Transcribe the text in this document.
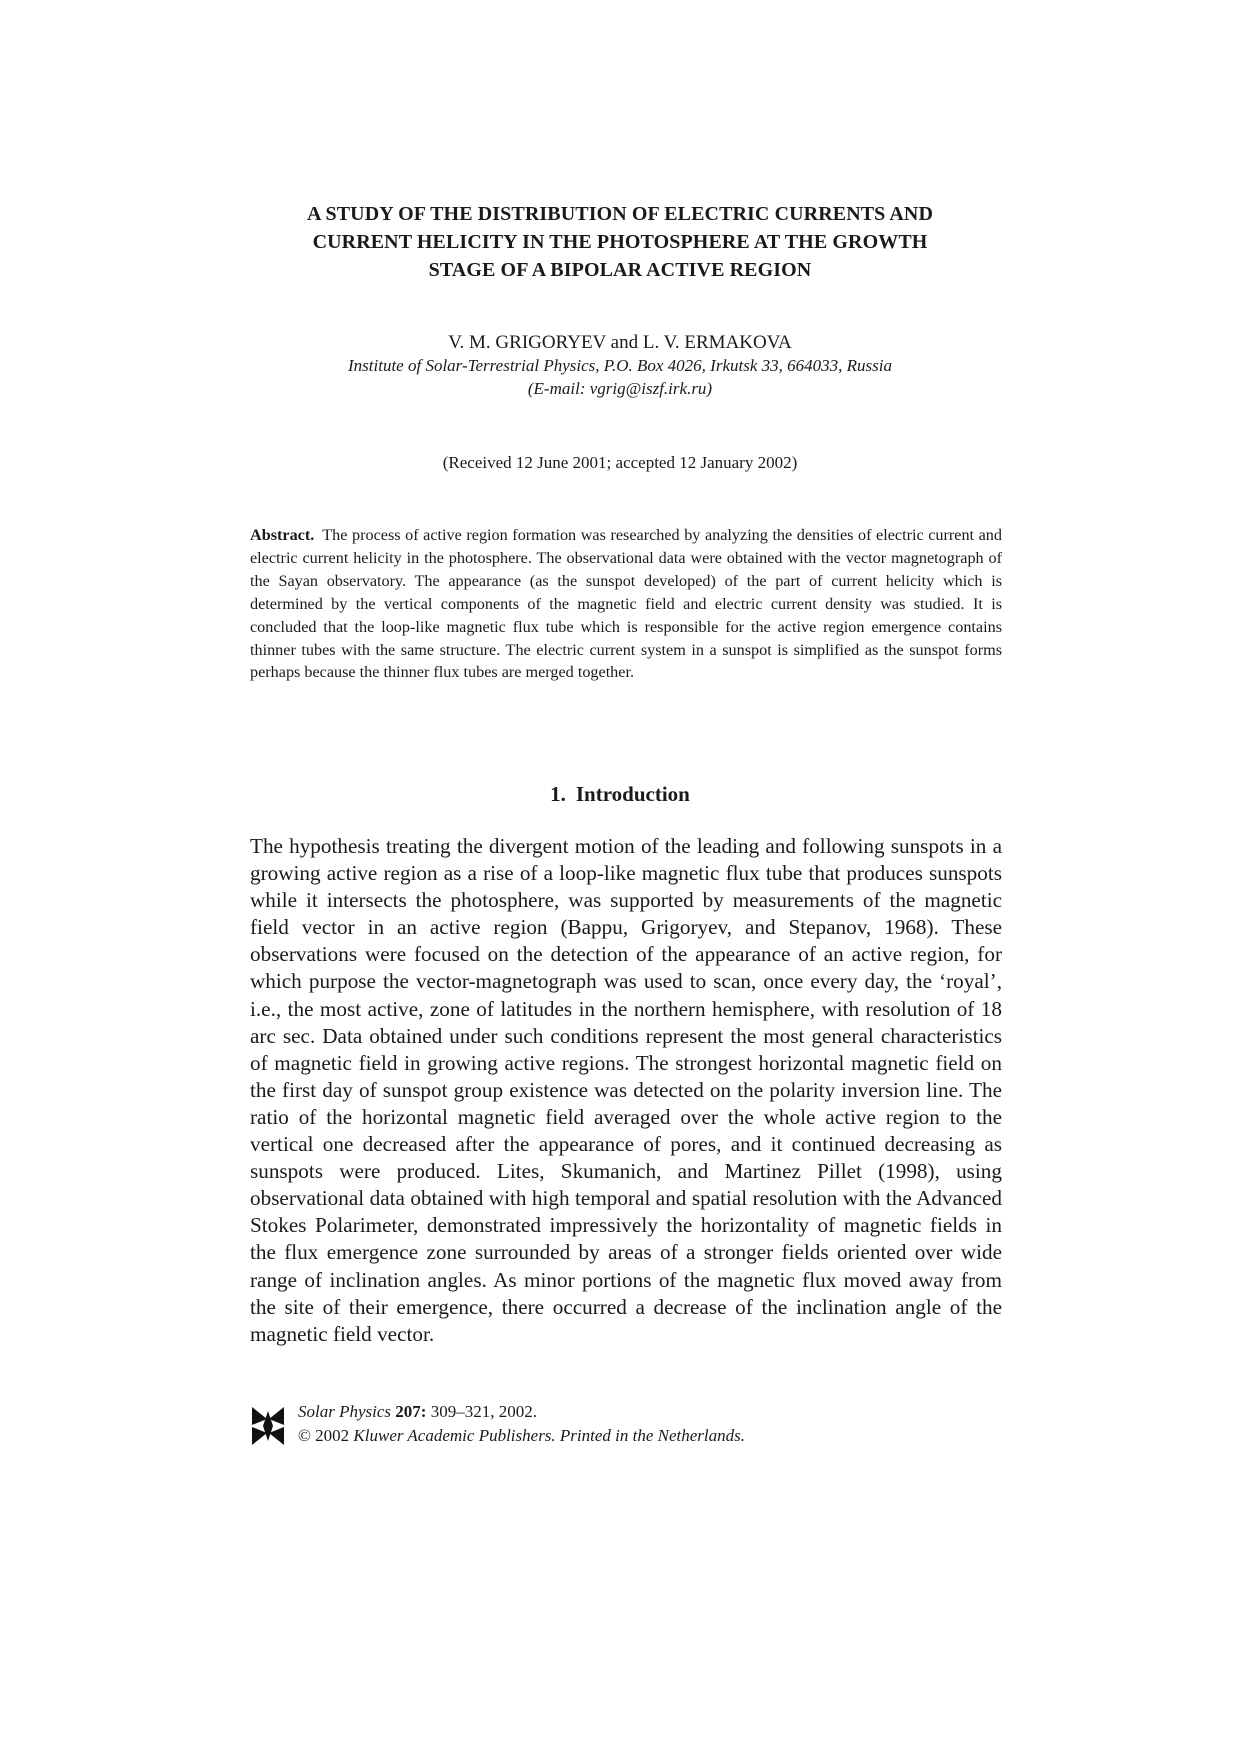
A STUDY OF THE DISTRIBUTION OF ELECTRIC CURRENTS AND
CURRENT HELICITY IN THE PHOTOSPHERE AT THE GROWTH
STAGE OF A BIPOLAR ACTIVE REGION
V. M. GRIGORYEV and L. V. ERMAKOVA
Institute of Solar-Terrestrial Physics, P.O. Box 4026, Irkutsk 33, 664033, Russia
(E-mail: vgrig@iszf.irk.ru)
(Received 12 June 2001; accepted 12 January 2002)
Abstract. The process of active region formation was researched by analyzing the densities of electric current and electric current helicity in the photosphere. The observational data were obtained with the vector magnetograph of the Sayan observatory. The appearance (as the sunspot developed) of the part of current helicity which is determined by the vertical components of the magnetic field and electric current density was studied. It is concluded that the loop-like magnetic flux tube which is responsible for the active region emergence contains thinner tubes with the same structure. The electric current system in a sunspot is simplified as the sunspot forms perhaps because the thinner flux tubes are merged together.
1. Introduction
The hypothesis treating the divergent motion of the leading and following sunspots in a growing active region as a rise of a loop-like magnetic flux tube that produces sunspots while it intersects the photosphere, was supported by measurements of the magnetic field vector in an active region (Bappu, Grigoryev, and Stepanov, 1968). These observations were focused on the detection of the appearance of an active region, for which purpose the vector-magnetograph was used to scan, once every day, the ‘royal’, i.e., the most active, zone of latitudes in the northern hemisphere, with resolution of 18 arc sec. Data obtained under such conditions represent the most general characteristics of magnetic field in growing active regions. The strongest horizontal magnetic field on the first day of sunspot group existence was detected on the polarity inversion line. The ratio of the horizontal magnetic field averaged over the whole active region to the vertical one decreased after the appearance of pores, and it continued decreasing as sunspots were produced. Lites, Skumanich, and Martinez Pillet (1998), using observational data obtained with high temporal and spatial resolution with the Advanced Stokes Polarimeter, demonstrated impressively the horizontality of magnetic fields in the flux emergence zone surrounded by areas of a stronger fields oriented over wide range of inclination angles. As minor portions of the magnetic flux moved away from the site of their emergence, there occurred a decrease of the inclination angle of the magnetic field vector.
Solar Physics 207: 309–321, 2002.
© 2002 Kluwer Academic Publishers. Printed in the Netherlands.
